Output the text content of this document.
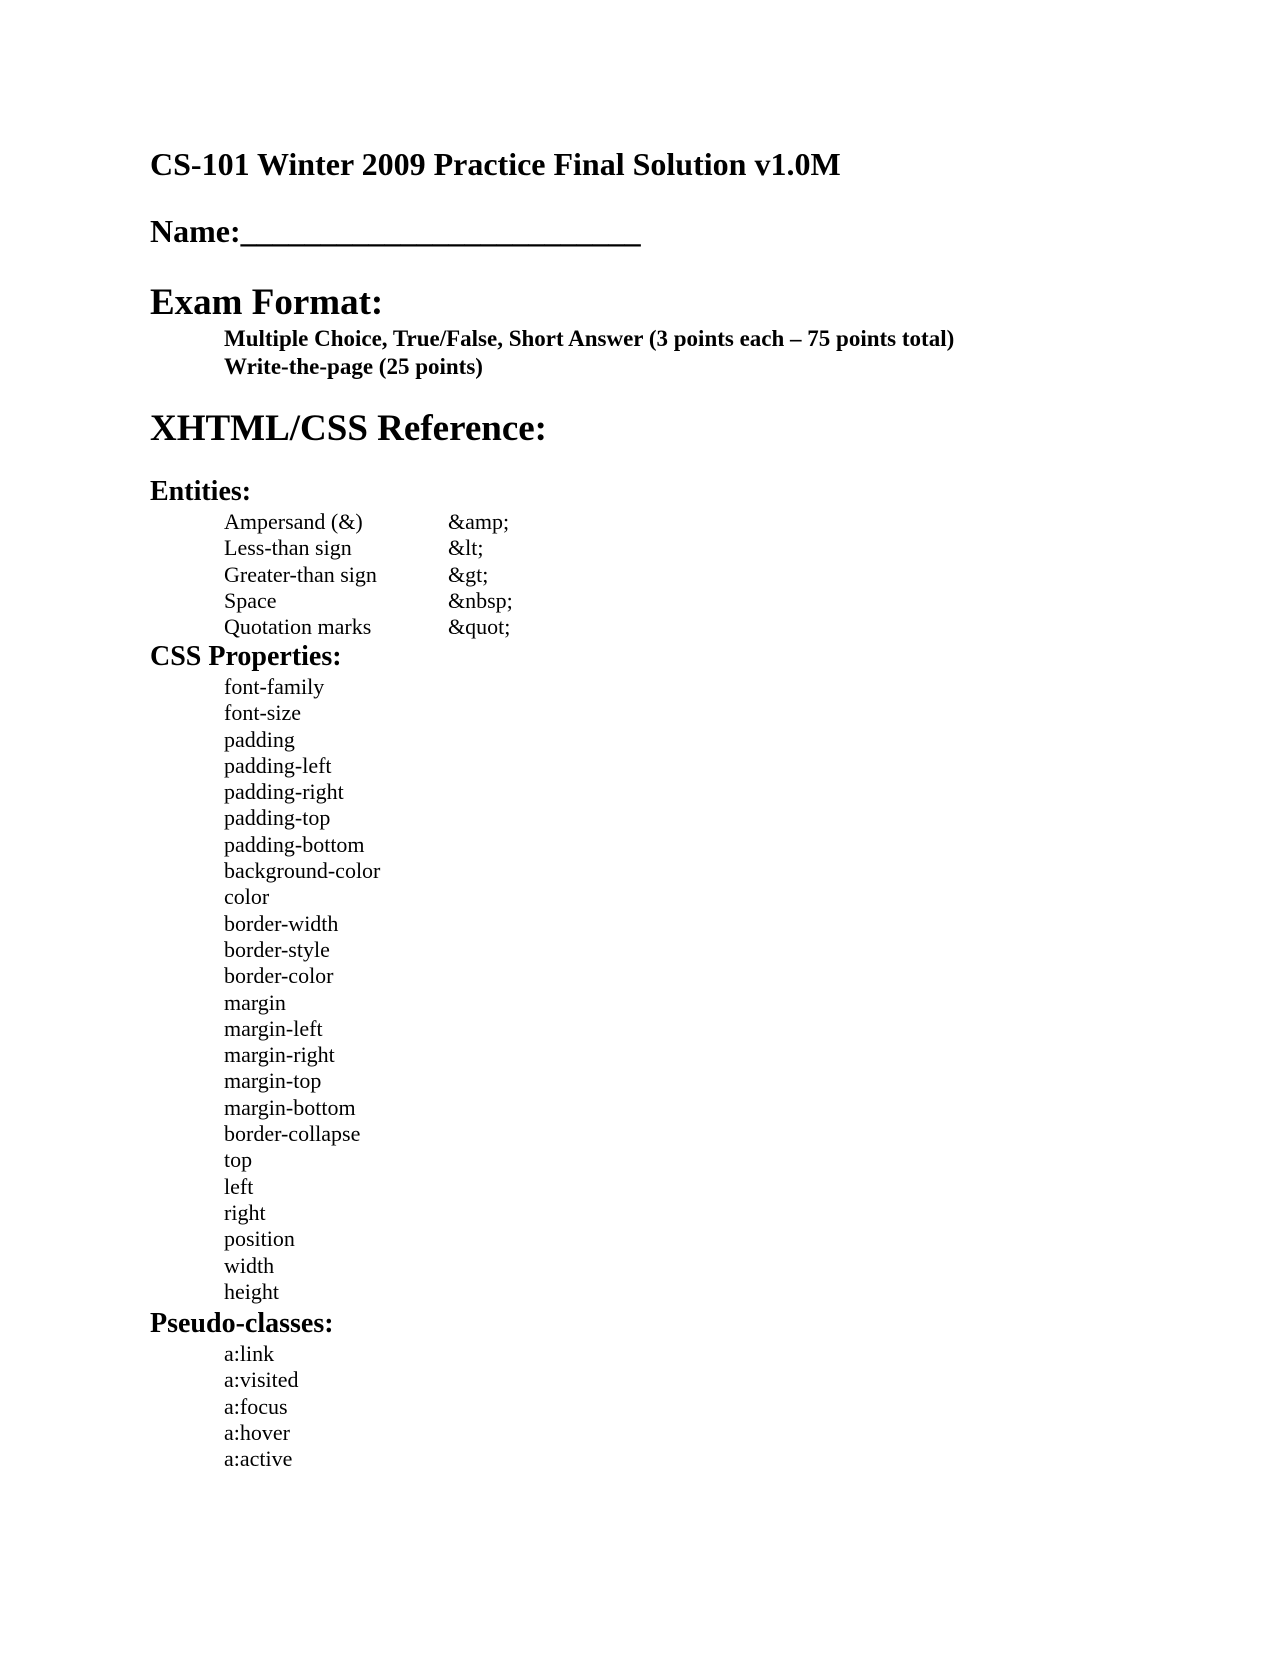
CS-101 Winter 2009 Practice Final Solution v1.0M
Name:_________________________
Exam Format:
Multiple Choice, True/False, Short Answer (3 points each – 75 points total)
Write-the-page (25 points)
XHTML/CSS Reference:
Entities:
Ampersand (&)	&amp;
Less-than sign	&lt;
Greater-than sign	&gt;
Space	&nbsp;
Quotation marks	&quot;
CSS Properties:
font-family
font-size
padding
padding-left
padding-right
padding-top
padding-bottom
background-color
color
border-width
border-style
border-color
margin
margin-left
margin-right
margin-top
margin-bottom
border-collapse
top
left
right
position
width
height
Pseudo-classes:
a:link
a:visited
a:focus
a:hover
a:active
